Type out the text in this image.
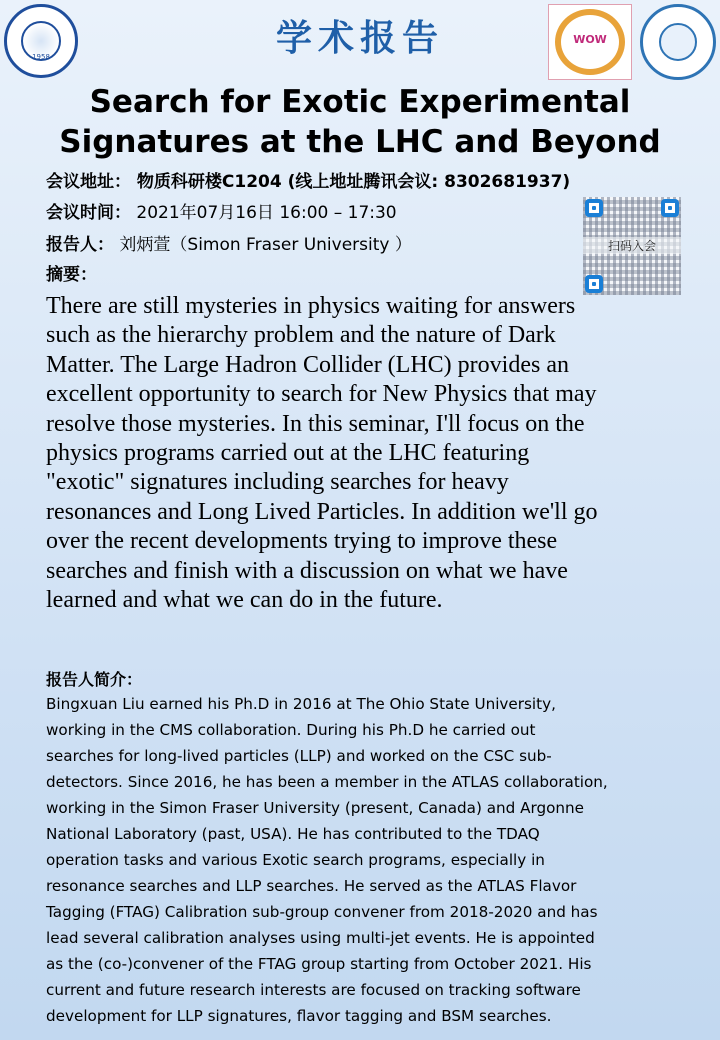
1958	学术报告	WOW
Search for Exotic Experimental Signatures at the LHC and Beyond
会议地址： 物质科研楼C1204 (线上地址腾讯会议: 8302681937)
会议时间： 2021年07月16日 16:00 – 17:30
报告人： 刘炳萱（Simon Fraser University ）
摘要：
扫码入会

There are still mysteries in physics waiting for answers
such as the hierarchy problem and the nature of Dark
Matter. The Large Hadron Collider (LHC) provides an
excellent opportunity to search for New Physics that may
resolve those mysteries. In this seminar, I'll focus on the
physics programs carried out at the LHC featuring
"exotic" signatures including searches for heavy
resonances and Long Lived Particles. In addition we'll go
over the recent developments trying to improve these
searches and finish with a discussion on what we have
learned and what we can do in the future.

报告人简介：

Bingxuan Liu earned his Ph.D in 2016 at The Ohio State University,
working in the CMS collaboration. During his Ph.D he carried out
searches for long-lived particles (LLP) and worked on the CSC sub-
detectors. Since 2016, he has been a member in the ATLAS collaboration,
working in the Simon Fraser University (present, Canada) and Argonne
National Laboratory (past, USA). He has contributed to the TDAQ
operation tasks and various Exotic search programs, especially in
resonance searches and LLP searches. He served as the ATLAS Flavor
Tagging (FTAG) Calibration sub-group convener from 2018-2020 and has
lead several calibration analyses using multi-jet events. He is appointed
as the (co-)convener of the FTAG group starting from October 2021. His
current and future research interests are focused on tracking software
development for LLP signatures, flavor tagging and BSM searches.
